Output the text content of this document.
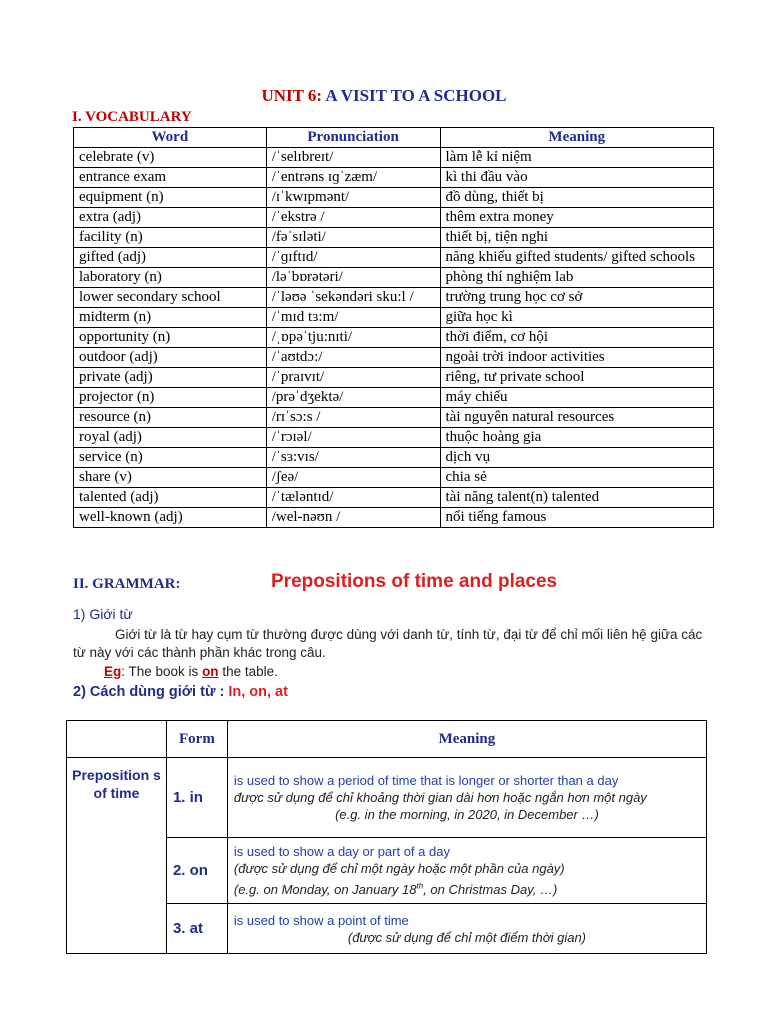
UNIT 6: A VISIT TO A SCHOOL
I. VOCABULARY
Word	Pronunciation	Meaning
celebrate (v)	/ˈselɪbreɪt/	làm lễ kỉ niệm
entrance exam	/ˈentrəns ɪɡˈzæm/	kì thi đầu vào
equipment (n)	/ɪˈkwɪpmənt/	đồ dùng, thiết bị
extra (adj)	/ˈekstrə /	thêm extra money
facility (n)	/fəˈsɪləti/	thiết bị, tiện nghi
gifted (adj)	/ˈɡɪftɪd/	năng khiếu gifted students/ gifted schools
laboratory (n)	/ləˈbɒrətəri/	phòng thí nghiệm lab
lower secondary school	/ˈləʊə ˈsekəndəri sku:l /	trường trung học cơ sở
midterm (n)	/ˈmɪd tɜ:m/	giữa học kì
opportunity (n)	/ˌɒpəˈtju:nɪti/	thời điểm, cơ hội
outdoor (adj)	/ˈaʊtdɔ:/	ngoài trời indoor activities
private (adj)	/ˈpraɪvɪt/	riêng, tư private school
projector (n)	/prəˈdʒektə/	máy chiếu
resource (n)	/rɪˈsɔ:s /	tài nguyên natural resources
royal (adj)	/ˈrɔɪəl/	thuộc hoàng gia
service (n)	/ˈsɜ:vɪs/	dịch vụ
share (v)	/ʃeə/	chia sẻ
talented (adj)	/ˈtæləntɪd/	tài năng talent(n) talented
well-known (adj)	/wel-nəʊn /	nổi tiếng famous
II. GRAMMAR:	Prepositions of time and places
1) Giới từ
Giới từ là từ hay cụm từ thường được dùng với danh từ, tính từ, đại từ để chỉ mối liên hệ giữa các từ này với các thành phần khác trong câu.
Eg: The book is on the table.
2) Cách dùng giới từ : In, on, at
	Form	Meaning
Preposition s of time	1. in	is used to show a period of time that is longer or shorter than a day
được sử dụng để chỉ khoảng thời gian dài hơn hoặc ngắn hơn một ngày

(e.g. in the morning, in 2020, in December …)

	2. on	is used to show a day or part of a day
(được sử dụng để chỉ một ngày hoặc một phần của ngày)
(e.g. on Monday, on January 18th, on Christmas Day, …)
	3. at	is used to show a point of time

(được sử dụng để chỉ một điểm thời gian)
